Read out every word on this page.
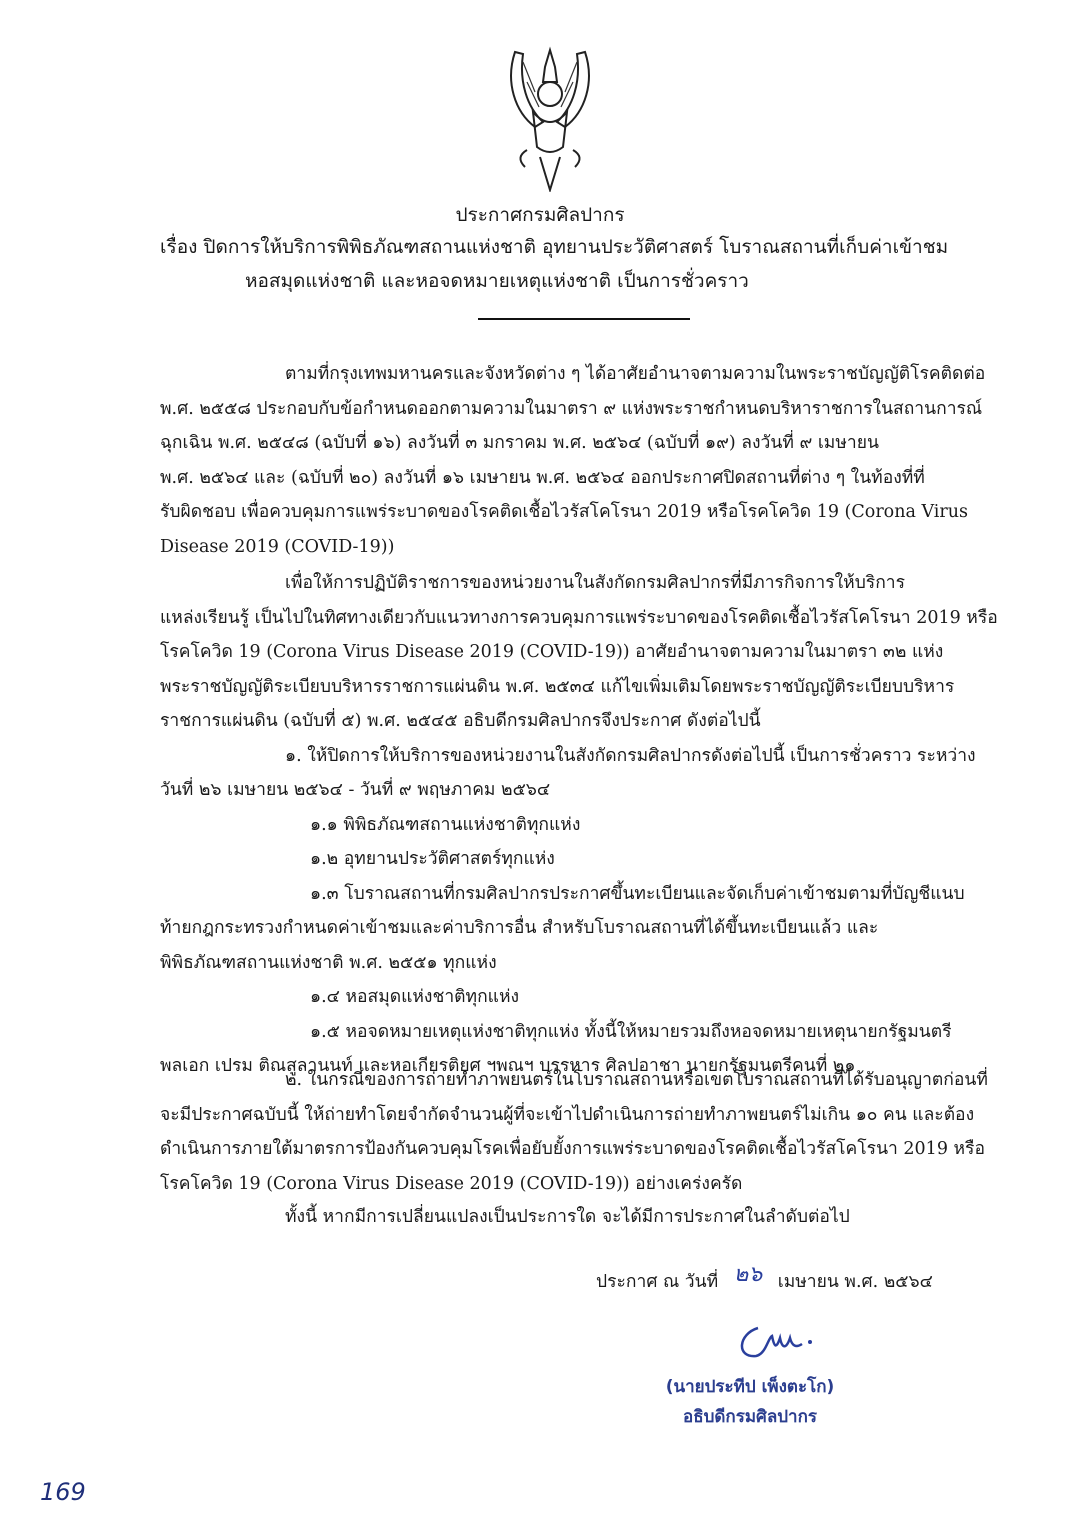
ประกาศกรมศิลปากร
เรื่อง ปิดการให้บริการพิพิธภัณฑสถานแห่งชาติ อุทยานประวัติศาสตร์ โบราณสถานที่เก็บค่าเข้าชม
หอสมุดแห่งชาติ และหอจดหมายเหตุแห่งชาติ เป็นการชั่วคราว
ตามที่กรุงเทพมหานครและจังหวัดต่าง ๆ ได้อาศัยอำนาจตามความในพระราชบัญญัติโรคติดต่อ
พ.ศ. ๒๕๕๘ ประกอบกับข้อกำหนดออกตามความในมาตรา ๙ แห่งพระราชกำหนดบริหาราชการในสถานการณ์
ฉุกเฉิน พ.ศ. ๒๕๔๘ (ฉบับที่ ๑๖) ลงวันที่ ๓ มกราคม พ.ศ. ๒๕๖๔ (ฉบับที่ ๑๙) ลงวันที่ ๙ เมษายน
พ.ศ. ๒๕๖๔ และ (ฉบับที่ ๒๐) ลงวันที่ ๑๖ เมษายน พ.ศ. ๒๕๖๔ ออกประกาศปิดสถานที่ต่าง ๆ ในท้องที่ที่
รับผิดชอบ เพื่อควบคุมการแพร่ระบาดของโรคติดเชื้อไวรัสโคโรนา 2019 หรือโรคโควิด 19 (Corona Virus
Disease 2019 (COVID-19))
เพื่อให้การปฏิบัติราชการของหน่วยงานในสังกัดกรมศิลปากรที่มีภารกิจการให้บริการ
แหล่งเรียนรู้ เป็นไปในทิศทางเดียวกับแนวทางการควบคุมการแพร่ระบาดของโรคติดเชื้อไวรัสโคโรนา 2019 หรือ
โรคโควิด 19 (Corona Virus Disease 2019 (COVID-19)) อาศัยอำนาจตามความในมาตรา ๓๒ แห่ง
พระราชบัญญัติระเบียบบริหารราชการแผ่นดิน พ.ศ. ๒๕๓๔ แก้ไขเพิ่มเติมโดยพระราชบัญญัติระเบียบบริหาร
ราชการแผ่นดิน (ฉบับที่ ๕) พ.ศ. ๒๕๔๕ อธิบดีกรมศิลปากรจึงประกาศ ดังต่อไปนี้
๑. ให้ปิดการให้บริการของหน่วยงานในสังกัดกรมศิลปากรดังต่อไปนี้ เป็นการชั่วคราว ระหว่าง
วันที่ ๒๖ เมษายน ๒๕๖๔ - วันที่ ๙ พฤษภาคม ๒๕๖๔
๑.๑ พิพิธภัณฑสถานแห่งชาติทุกแห่ง
๑.๒ อุทยานประวัติศาสตร์ทุกแห่ง
๑.๓ โบราณสถานที่กรมศิลปากรประกาศขึ้นทะเบียนและจัดเก็บค่าเข้าชมตามที่บัญชีแนบ
ท้ายกฎกระทรวงกำหนดค่าเข้าชมและค่าบริการอื่น สำหรับโบราณสถานที่ได้ขึ้นทะเบียนแล้ว และ
พิพิธภัณฑสถานแห่งชาติ พ.ศ. ๒๕๕๑ ทุกแห่ง
๑.๔ หอสมุดแห่งชาติทุกแห่ง
๑.๕ หอจดหมายเหตุแห่งชาติทุกแห่ง ทั้งนี้ให้หมายรวมถึงหอจดหมายเหตุนายกรัฐมนตรี
พลเอก เปรม ติณสูลานนท์ และหอเกียรติยศ ฯพณฯ บรรหาร ศิลปอาชา นายกรัฐมนตรีคนที่ ๒๑
๒. ในกรณีของการถ่ายทำภาพยนตร์ในโบราณสถานหรือเขตโบราณสถานที่ได้รับอนุญาตก่อนที่
จะมีประกาศฉบับนี้ ให้ถ่ายทำโดยจำกัดจำนวนผู้ที่จะเข้าไปดำเนินการถ่ายทำภาพยนตร์ไม่เกิน ๑๐ คน และต้อง
ดำเนินการภายใต้มาตรการป้องกันควบคุมโรคเพื่อยับยั้งการแพร่ระบาดของโรคติดเชื้อไวรัสโคโรนา 2019 หรือ
โรคโควิด 19 (Corona Virus Disease 2019 (COVID-19)) อย่างเคร่งครัด
ทั้งนี้ หากมีการเปลี่ยนแปลงเป็นประการใด จะได้มีการประกาศในลำดับต่อไป
ประกาศ ณ วันที่ ๒๖ เมษายน พ.ศ. ๒๕๖๔
(นายประทีป เพ็งตะโก)
อธิบดีกรมศิลปากร
169
